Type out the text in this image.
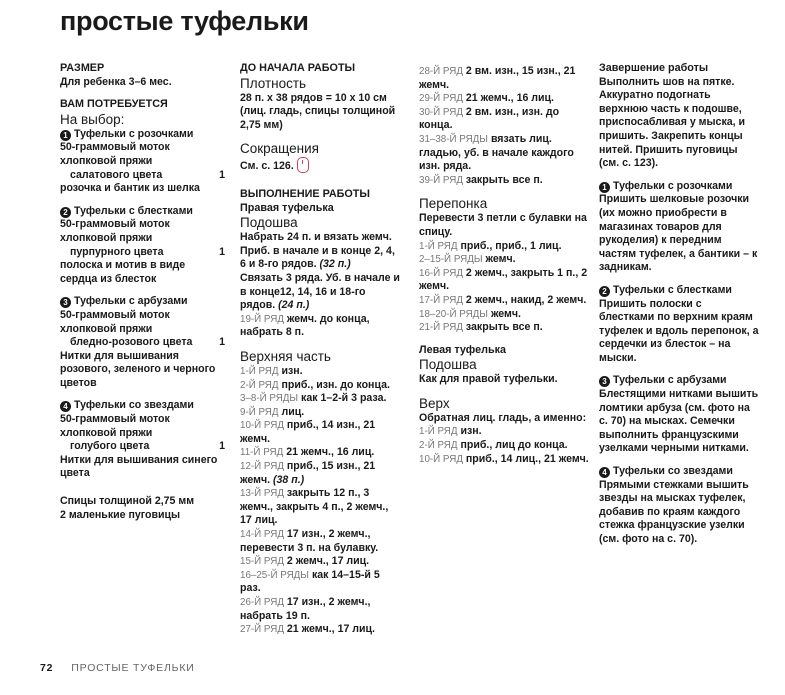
простые туфельки
РАЗМЕР
Для ребенка 3–6 мес.
ВАМ ПОТРЕБУЕТСЯ
На выбор:
1 Туфельки с розочками
50-граммовый моток хлопковой пряжи
салатового цвета	1
розочка и бантик из шелка
2 Туфельки с блестками
50-граммовый моток хлопковой пряжи
пурпурного цвета	1
полоска и мотив в виде сердца из блесток
3 Туфельки с арбузами
50-граммовый моток хлопковой пряжи
бледно-розового цвета	1
Нитки для вышивания розового, зеленого и черного цветов
4 Туфельки со звездами
50-граммовый моток хлопковой пряжи
голубого цвета	1
Нитки для вышивания синего цвета
Спицы толщиной 2,75 мм
2 маленькие пуговицы
ДО НАЧАЛА РАБОТЫ
Плотность
28 п. х 38 рядов = 10 х 10 см
(лиц. гладь, спицы толщиной 2,75 мм)
Сокращения
См. с. 126.
ВЫПОЛНЕНИЕ РАБОТЫ
Правая туфелька
Подошва
Набрать 24 п. и вязать жемч.
Приб. в начале и в конце 2, 4, 6 и 8-го рядов. (32 п.)
Связать 3 ряда. Уб. в начале и в конце12, 14, 16 и 18-го рядов. (24 п.)
19-Й РЯД жемч. до конца, набрать 8 п.
Верхняя часть
1-Й РЯД изн.
2-Й РЯД приб., изн. до конца.
3–8-Й РЯДЫ как 1–2-й 3 раза.
9-Й РЯД лиц.
10-Й РЯД приб., 14 изн., 21 жемч.
11-Й РЯД 21 жемч., 16 лиц.
12-Й РЯД приб., 15 изн., 21 жемч. (38 п.)
13-Й РЯД закрыть 12 п., 3 жемч., закрыть 4 п., 2 жемч., 17 лиц.
14-Й РЯД 17 изн., 2 жемч., перевести 3 п. на булавку.
15-Й РЯД 2 жемч., 17 лиц.
16–25-Й РЯДЫ как 14–15-й 5 раз.
26-Й РЯД 17 изн., 2 жемч., набрать 19 п.
27-Й РЯД 21 жемч., 17 лиц.
28-Й РЯД 2 вм. изн., 15 изн., 21 жемч.
29-Й РЯД 21 жемч., 16 лиц.
30-Й РЯД 2 вм. изн., изн. до конца.
31–38-Й РЯДЫ вязать лиц. гладью, уб. в начале каждого изн. ряда.
39-Й РЯД закрыть все п.
Перепонка
Перевести 3 петли с булавки на спицу.
1-Й РЯД приб., приб., 1 лиц.
2–15-Й РЯДЫ жемч.
16-Й РЯД 2 жемч., закрыть 1 п., 2 жемч.
17-Й РЯД 2 жемч., накид, 2 жемч.
18–20-Й РЯДЫ жемч.
21-Й РЯД закрыть все п.
Левая туфелька
Подошва
Как для правой туфельки.
Верх
Обратная лиц. гладь, а именно:
1-Й РЯД изн.
2-Й РЯД приб., лиц до конца.
10-Й РЯД приб., 14 лиц., 21 жемч.
Завершение работы
Выполнить шов на пятке. Аккуратно подогнать верхнюю часть к подошве, приспосабливая у мыска, и пришить. Закрепить концы нитей. Пришить пуговицы (см. с. 123).
1 Туфельки с розочками
Пришить шелковые розочки (их можно приобрести в магазинах товаров для рукоделия) к передним частям туфелек, а бантики – к задникам.
2 Туфельки с блестками
Пришить полоски с блестками по верхним краям туфелек и вдоль перепонок, а сердечки из блесток – на мыски.
3 Туфельки с арбузами
Блестящими нитками вышить ломтики арбуза (см. фото на с. 70) на мысках. Семечки выполнить французскими узелками черными нитками.
4 Туфельки со звездами
Прямыми стежками вышить звезды на мысках туфелек, добавив по краям каждого стежка французские узелки (см. фото на с. 70).
72 ПРОСТЫЕ ТУФЕЛЬКИ
